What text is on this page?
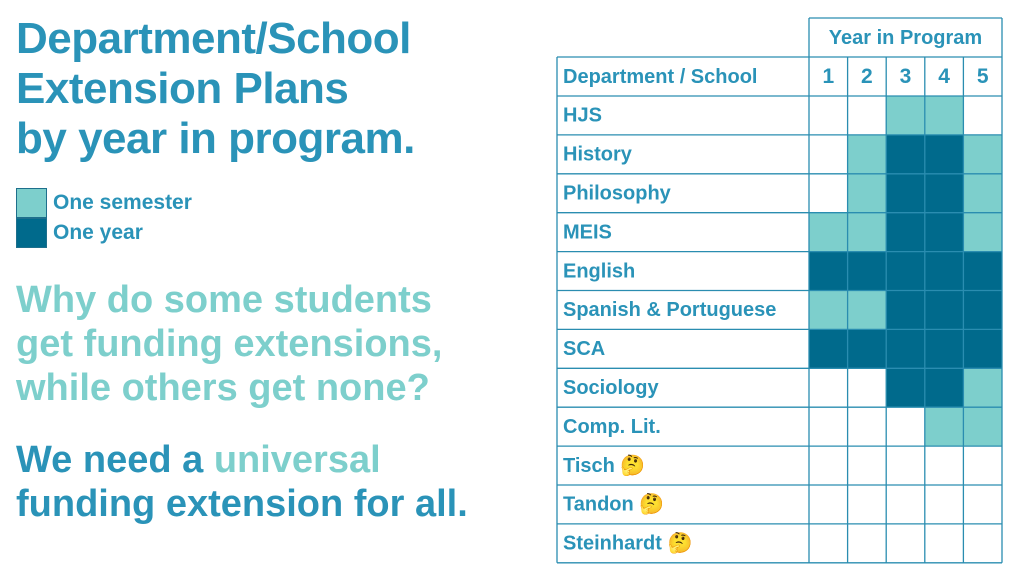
Department/School
Extension Plans
by year in program.
One semester
One year
Why do some students
get funding extensions,
while others get none?
We need a universal
funding extension for all.
Year in Program
Department / School	1 2 3 4 5
HJS
History
Philosophy
MEIS
English
Spanish & Portuguese
SCA
Sociology
Comp. Lit.
Tisch 🤔
Tandon 🤔
Steinhardt 🤔
